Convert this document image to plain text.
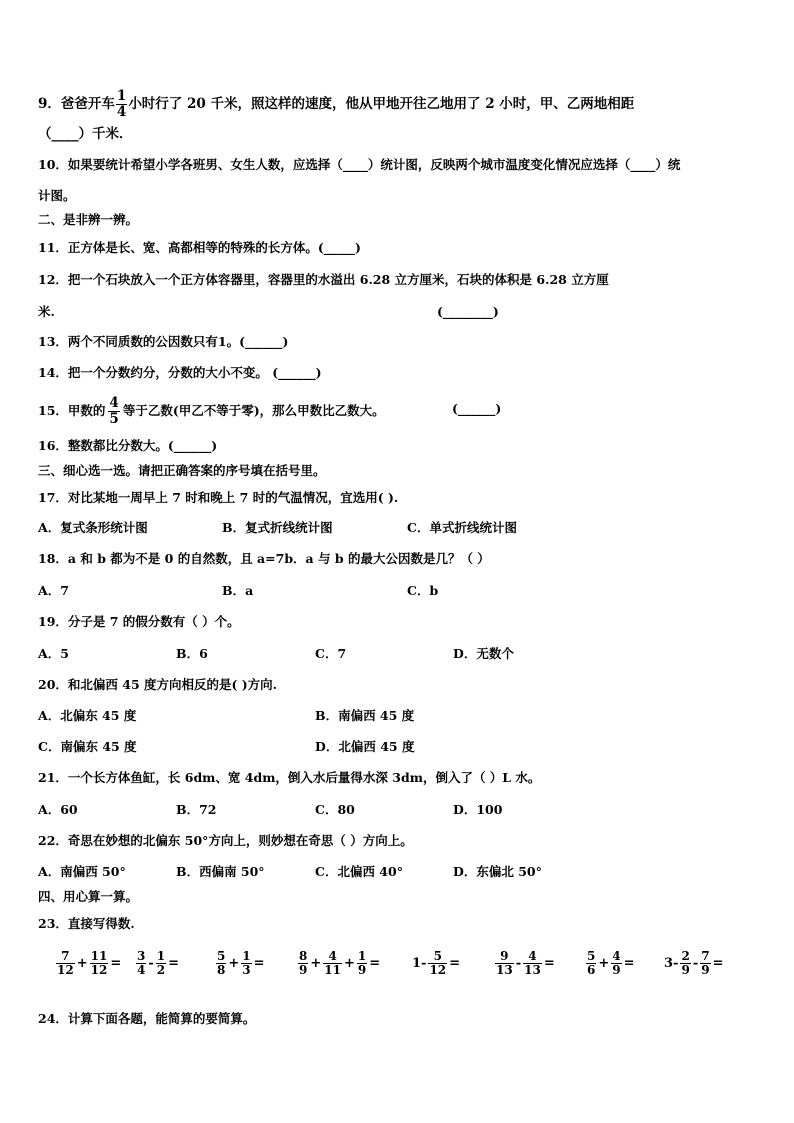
9．爸爸开车 $\frac{1}{4}$ 小时行了 20 千米，照这样的速度，他从甲地开往乙地用了 2 小时，甲、乙两地相距
（____）千米．
10．如果要统计希望小学各班男、女生人数，应选择（____）统计图，反映两个城市温度变化情况应选择（____）统
计图。
二、是非辨一辨。
11．正方体是长、宽、高都相等的特殊的长方体。(_____)
12．把一个石块放入一个正方体容器里，容器里的水溢出 6.28 立方厘米，石块的体积是 6.28 立方厘
米.	(________)
13．两个不同质数的公因数只有1。(______)
14．把一个分数约分，分数的大小不变。 (______)
15．甲数的 $\frac{4}{5}$ 等于乙数(甲乙不等于零)，那么甲数比乙数大。	(______)
16．整数都比分数大。(______)
三、细心选一选。请把正确答案的序号填在括号里。
17．对比某地一周早上 7 时和晚上 7 时的气温情况，宜选用( ).
A．复式条形统计图	B．复式折线统计图	C．单式折线统计图
18．a 和 b 都为不是 0 的自然数，且 a=7b．a 与 b 的最大公因数是几？（ ）
A．7	B．a	C．b
19．分子是 7 的假分数有（ ）个。
A．5	B．6	C．7	D．无数个
20．和北偏西 45 度方向相反的是( )方向.
A．北偏东 45 度	B．南偏西 45 度
C．南偏东 45 度	D．北偏西 45 度
21．一个长方体鱼缸，长 6dm、宽 4dm，倒入水后量得水深 3dm，倒入了（ ）L 水。
A．60	B．72	C．80	D．100
22．奇思在妙想的北偏东 50°方向上，则妙想在奇思（ ）方向上。
A．南偏西 50°	B．西偏南 50°	C．北偏西 40°	D．东偏北 50°
四、用心算一算。
23．直接写得数.
$\frac{7}{12} + \frac{11}{12} = \frac{3}{4} - \frac{1}{2}$ =	$\frac{5}{8} + \frac{1}{3}$ =	$\frac{8}{9} + \frac{4}{11} + \frac{1}{9} = 1- \frac{5}{12}$ =	$\frac{9}{13} - \frac{4}{13}$ =	$\frac{5}{6} + \frac{4}{9} = 3- \frac{2}{9} - \frac{7}{9}$ =
24．计算下面各题，能简算的要简算。
